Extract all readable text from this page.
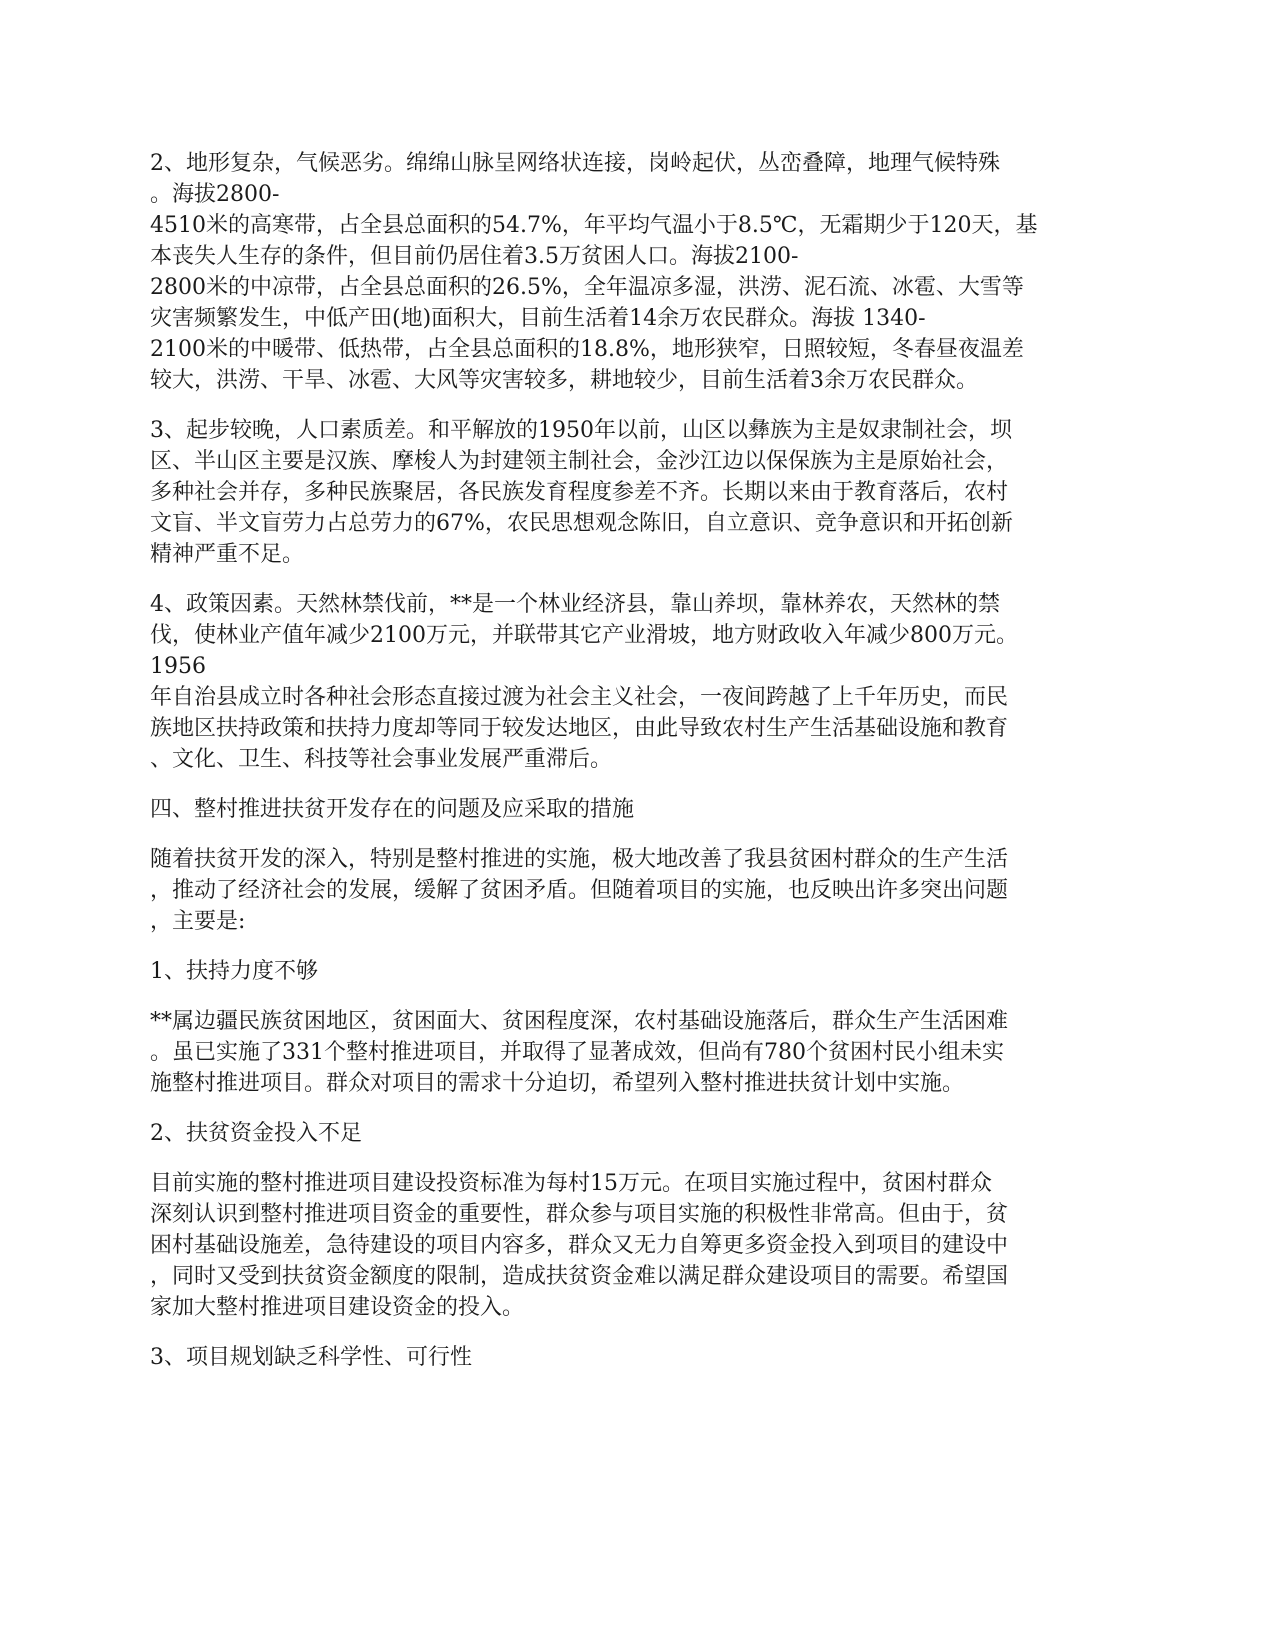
2、地形复杂，气候恶劣。绵绵山脉呈网络状连接，岗岭起伏，丛峦叠障，地理气候特殊
。海拔2800-
4510米的高寒带，占全县总面积的54.7%，年平均气温小于8.5℃，无霜期少于120天，基
本丧失人生存的条件，但目前仍居住着3.5万贫困人口。海拔2100-
2800米的中凉带，占全县总面积的26.5%，全年温凉多湿，洪涝、泥石流、冰雹、大雪等
灾害频繁发生，中低产田(地)面积大，目前生活着14余万农民群众。海拔 1340-
2100米的中暖带、低热带，占全县总面积的18.8%，地形狭窄，日照较短，冬春昼夜温差
较大，洪涝、干旱、冰雹、大风等灾害较多，耕地较少，目前生活着3余万农民群众。
3、起步较晚，人口素质差。和平解放的1950年以前，山区以彝族为主是奴隶制社会，坝
区、半山区主要是汉族、摩梭人为封建领主制社会，金沙江边以保保族为主是原始社会，
多种社会并存，多种民族聚居，各民族发育程度参差不齐。长期以来由于教育落后，农村
文盲、半文盲劳力占总劳力的67%，农民思想观念陈旧，自立意识、竞争意识和开拓创新
精神严重不足。
4、政策因素。天然林禁伐前，**是一个林业经济县，靠山养坝，靠林养农，天然林的禁
伐，使林业产值年减少2100万元，并联带其它产业滑坡，地方财政收入年减少800万元。
1956
年自治县成立时各种社会形态直接过渡为社会主义社会，一夜间跨越了上千年历史，而民
族地区扶持政策和扶持力度却等同于较发达地区，由此导致农村生产生活基础设施和教育
、文化、卫生、科技等社会事业发展严重滞后。
四、整村推进扶贫开发存在的问题及应采取的措施
随着扶贫开发的深入，特别是整村推进的实施，极大地改善了我县贫困村群众的生产生活
，推动了经济社会的发展，缓解了贫困矛盾。但随着项目的实施，也反映出许多突出问题
，主要是:
1、扶持力度不够
**属边疆民族贫困地区，贫困面大、贫困程度深，农村基础设施落后，群众生产生活困难
。虽已实施了331个整村推进项目，并取得了显著成效，但尚有780个贫困村民小组未实
施整村推进项目。群众对项目的需求十分迫切，希望列入整村推进扶贫计划中实施。
2、扶贫资金投入不足
目前实施的整村推进项目建设投资标准为每村15万元。在项目实施过程中，贫困村群众
深刻认识到整村推进项目资金的重要性，群众参与项目实施的积极性非常高。但由于，贫
困村基础设施差，急待建设的项目内容多，群众又无力自筹更多资金投入到项目的建设中
，同时又受到扶贫资金额度的限制，造成扶贫资金难以满足群众建设项目的需要。希望国
家加大整村推进项目建设资金的投入。
3、项目规划缺乏科学性、可行性
